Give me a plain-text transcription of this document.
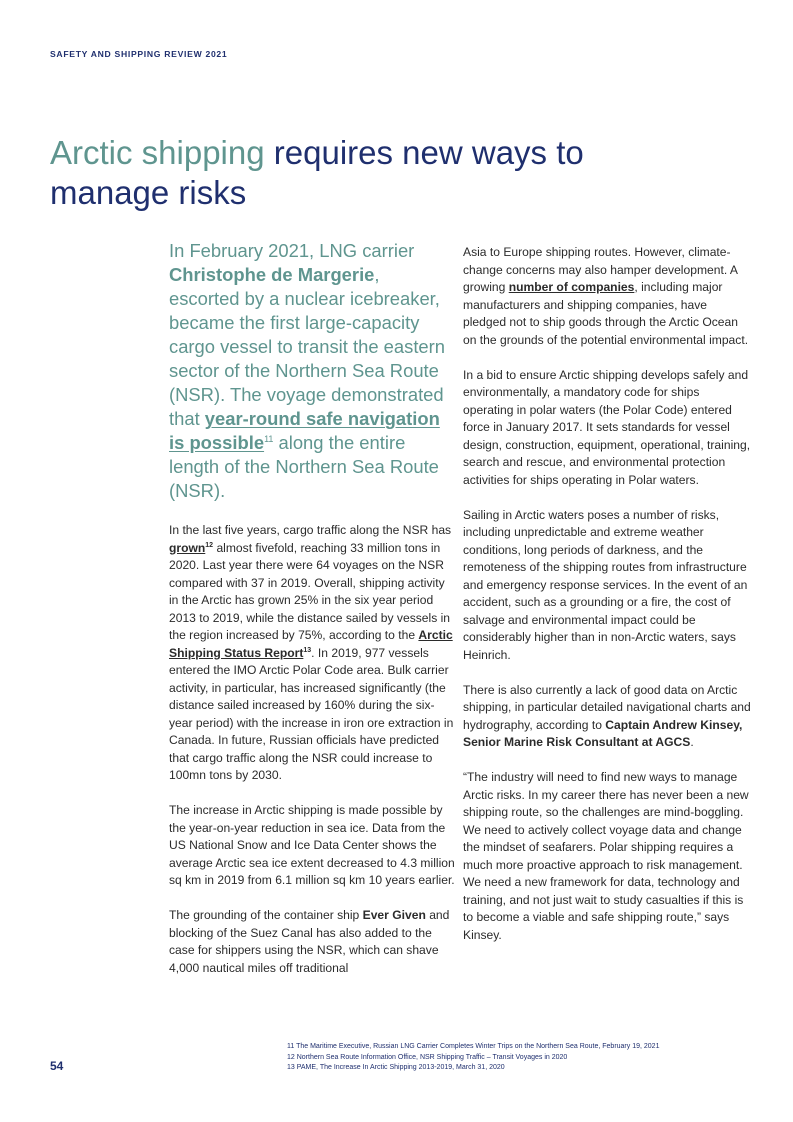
SAFETY AND SHIPPING REVIEW 2021
Arctic shipping requires new ways to manage risks
In February 2021, LNG carrier Christophe de Margerie, escorted by a nuclear icebreaker, became the first large-capacity cargo vessel to transit the eastern sector of the Northern Sea Route (NSR). The voyage demonstrated that year-round safe navigation is possible$^{11}$ along the entire length of the Northern Sea Route (NSR).

In the last five years, cargo traffic along the NSR has grown$^{12}$ almost fivefold, reaching 33 million tons in 2020. Last year there were 64 voyages on the NSR compared with 37 in 2019. Overall, shipping activity in the Arctic has grown 25% in the six year period 2013 to 2019, while the distance sailed by vessels in the region increased by 75%, according to the Arctic Shipping Status Report$^{13}$. In 2019, 977 vessels entered the IMO Arctic Polar Code area. Bulk carrier activity, in particular, has increased significantly (the distance sailed increased by 160% during the six-year period) with the increase in iron ore extraction in Canada. In future, Russian officials have predicted that cargo traffic along the NSR could increase to 100mn tons by 2030.

The increase in Arctic shipping is made possible by the year-on-year reduction in sea ice. Data from the US National Snow and Ice Data Center shows the average Arctic sea ice extent decreased to 4.3 million sq km in 2019 from 6.1 million sq km 10 years earlier.

The grounding of the container ship Ever Given and blocking of the Suez Canal has also added to the case for shippers using the NSR, which can shave 4,000 nautical miles off traditional

Asia to Europe shipping routes. However, climate-change concerns may also hamper development. A growing number of companies, including major manufacturers and shipping companies, have pledged not to ship goods through the Arctic Ocean on the grounds of the potential environmental impact.

In a bid to ensure Arctic shipping develops safely and environmentally, a mandatory code for ships operating in polar waters (the Polar Code) entered force in January 2017. It sets standards for vessel design, construction, equipment, operational, training, search and rescue, and environmental protection activities for ships operating in Polar waters.

Sailing in Arctic waters poses a number of risks, including unpredictable and extreme weather conditions, long periods of darkness, and the remoteness of the shipping routes from infrastructure and emergency response services. In the event of an accident, such as a grounding or a fire, the cost of salvage and environmental impact could be considerably higher than in non-Arctic waters, says Heinrich.

There is also currently a lack of good data on Arctic shipping, in particular detailed navigational charts and hydrography, according to Captain Andrew Kinsey, Senior Marine Risk Consultant at AGCS.

“The industry will need to find new ways to manage Arctic risks. In my career there has never been a new shipping route, so the challenges are mind-boggling. We need to actively collect voyage data and change the mindset of seafarers. Polar shipping requires a much more proactive approach to risk management. We need a new framework for data, technology and training, and not just wait to study casualties if this is to become a viable and safe shipping route,” says Kinsey.

54
11 The Maritime Executive, Russian LNG Carrier Completes Winter Trips on the Northern Sea Route, February 19, 2021
12 Northern Sea Route Information Office, NSR Shipping Traffic – Transit Voyages in 2020
13 PAME, The Increase In Arctic Shipping 2013-2019, March 31, 2020
